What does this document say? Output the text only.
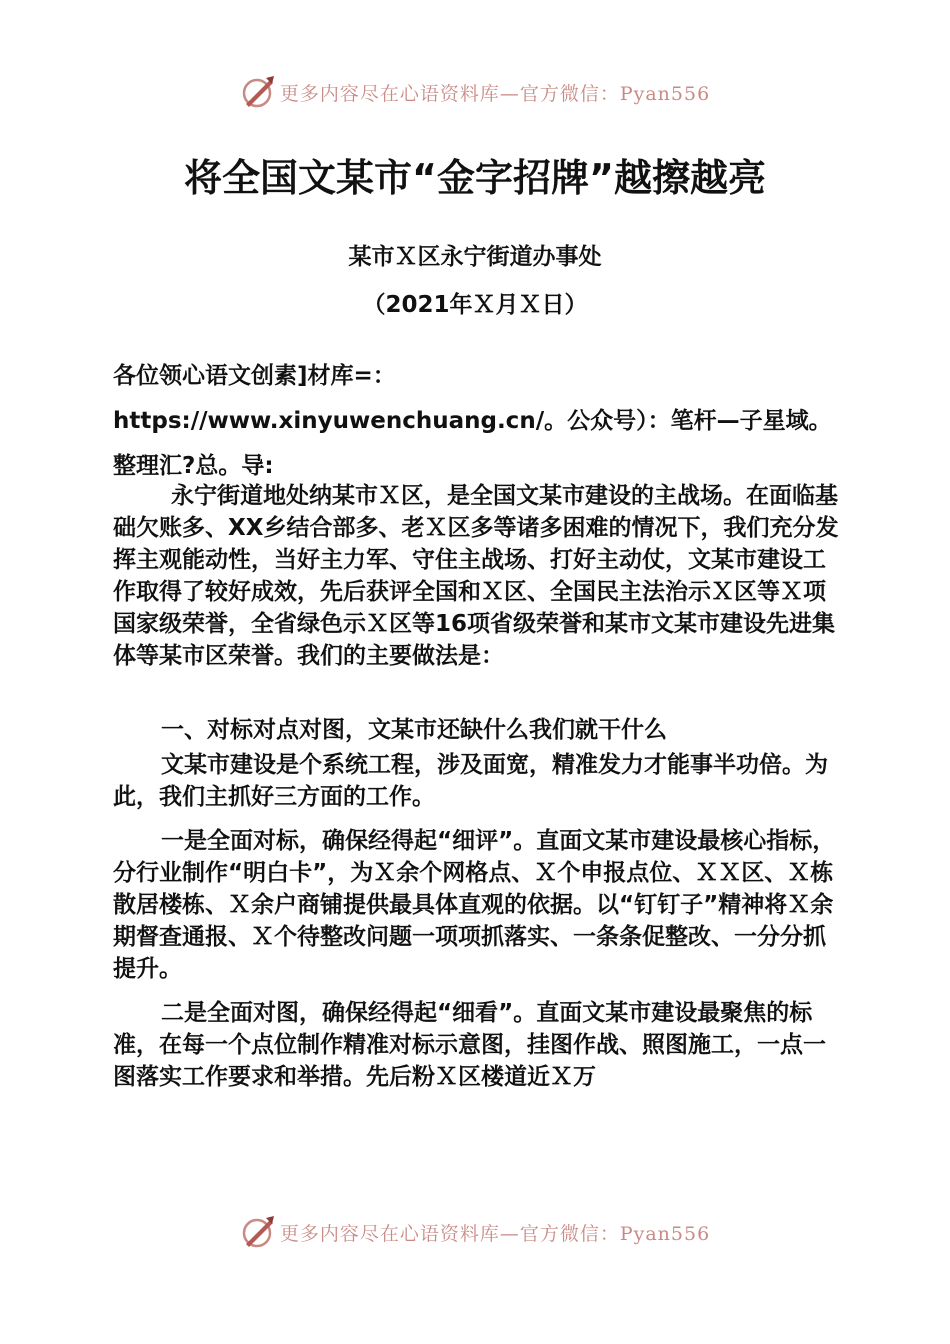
更多内容尽在心语资料库—官方微信：Pyan556
将全国文某市“金字招牌”越擦越亮
某市Ｘ区永宁街道办事处
（2021年Ｘ月Ｘ日）

各位领心语文创素]材库=：https://www.xinyuwenchuang.cn/。公众号）：笔杆—子星域。整理汇?总。导:

永宁街道地处纳某市Ｘ区，是全国文某市建设的主战场。在面临基础欠账多、XX乡结合部多、老Ｘ区多等诸多困难的情况下，我们充分发挥主观能动性，当好主力军、守住主战场、打好主动仗，文某市建设工作取得了较好成效，先后获评全国和Ｘ区、全国民主法治示Ｘ区等Ｘ项国家级荣誉，全省绿色示Ｘ区等16项省级荣誉和某市文某市建设先进集体等某市区荣誉。我们的主要做法是：

一、对标对点对图，文某市还缺什么我们就干什么

文某市建设是个系统工程，涉及面宽，精准发力才能事半功倍。为此，我们主抓好三方面的工作。

一是全面对标，确保经得起“细评”。直面文某市建设最核心指标，分行业制作“明白卡”，为Ｘ余个网格点、Ｘ个申报点位、ＸＸ区、Ｘ栋散居楼栋、Ｘ余户商铺提供最具体直观的依据。以“钉钉子”精神将Ｘ余期督查通报、Ｘ个待整改问题一项项抓落实、一条条促整改、一分分抓提升。

二是全面对图，确保经得起“细看”。直面文某市建设最聚焦的标准，在每一个点位制作精准对标示意图，挂图作战、照图施工，一点一图落实工作要求和举措。先后粉Ｘ区楼道近Ｘ万

更多内容尽在心语资料库—官方微信：Pyan556
